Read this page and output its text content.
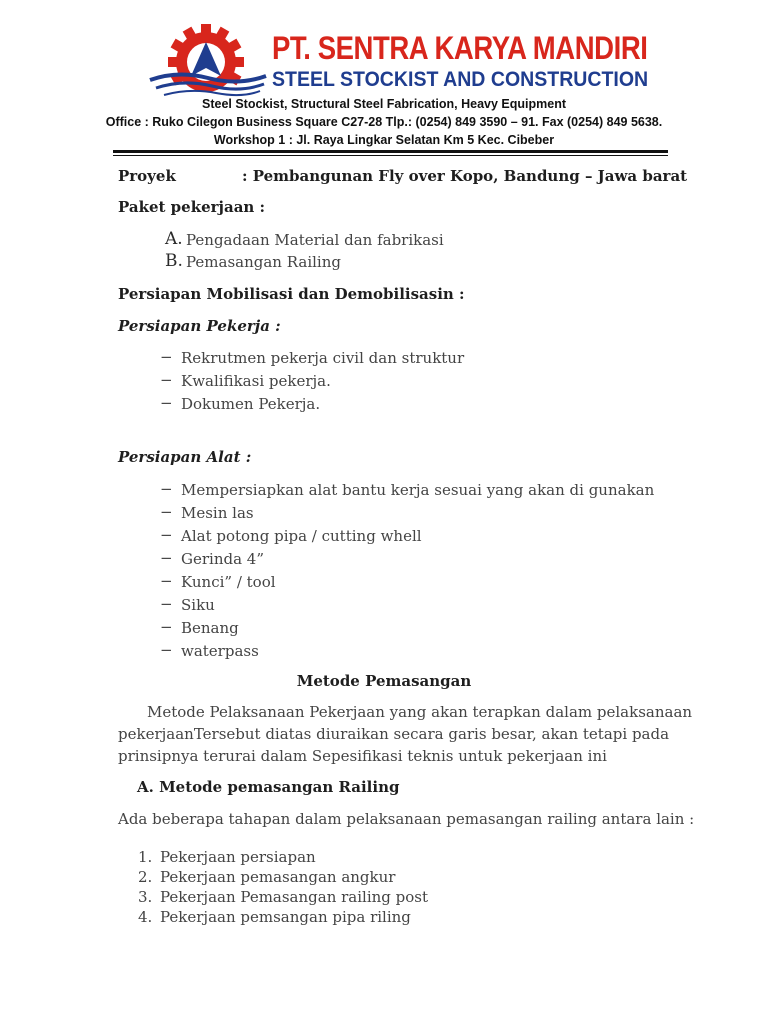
PT. SENTRA KARYA MANDIRI
STEEL STOCKIST AND CONSTRUCTION
Steel Stockist, Structural Steel Fabrication, Heavy Equipment
Office : Ruko Cilegon Business Square C27-28 Tlp.: (0254) 849 3590 – 91. Fax (0254) 849 5638.
Workshop 1 : Jl. Raya Lingkar Selatan Km 5 Kec. Cibeber
Proyek	: Pembangunan Fly over Kopo, Bandung – Jawa barat
Paket pekerjaan :
A. Pengadaan Material dan fabrikasi
B. Pemasangan Railing
Persiapan Mobilisasi dan Demobilisasin :
Persiapan Pekerja :
− Rekrutmen pekerja civil dan struktur
− Kwalifikasi pekerja.
− Dokumen Pekerja.
Persiapan Alat :
− Mempersiapkan alat bantu kerja sesuai yang akan di gunakan
− Mesin las
− Alat potong pipa / cutting whell
− Gerinda 4”
− Kunci” / tool
− Siku
− Benang
− waterpass
Metode Pemasangan
Metode Pelaksanaan Pekerjaan yang akan terapkan dalam pelaksanaan
pekerjaanTersebut diatas diuraikan secara garis besar, akan tetapi pada
prinsipnya terurai dalam Sepesifikasi teknis untuk pekerjaan ini
A. Metode pemasangan Railing
Ada beberapa tahapan dalam pelaksanaan pemasangan railing antara lain :
1. Pekerjaan persiapan
2. Pekerjaan pemasangan angkur
3. Pekerjaan Pemasangan railing post
4. Pekerjaan pemsangan pipa riling
